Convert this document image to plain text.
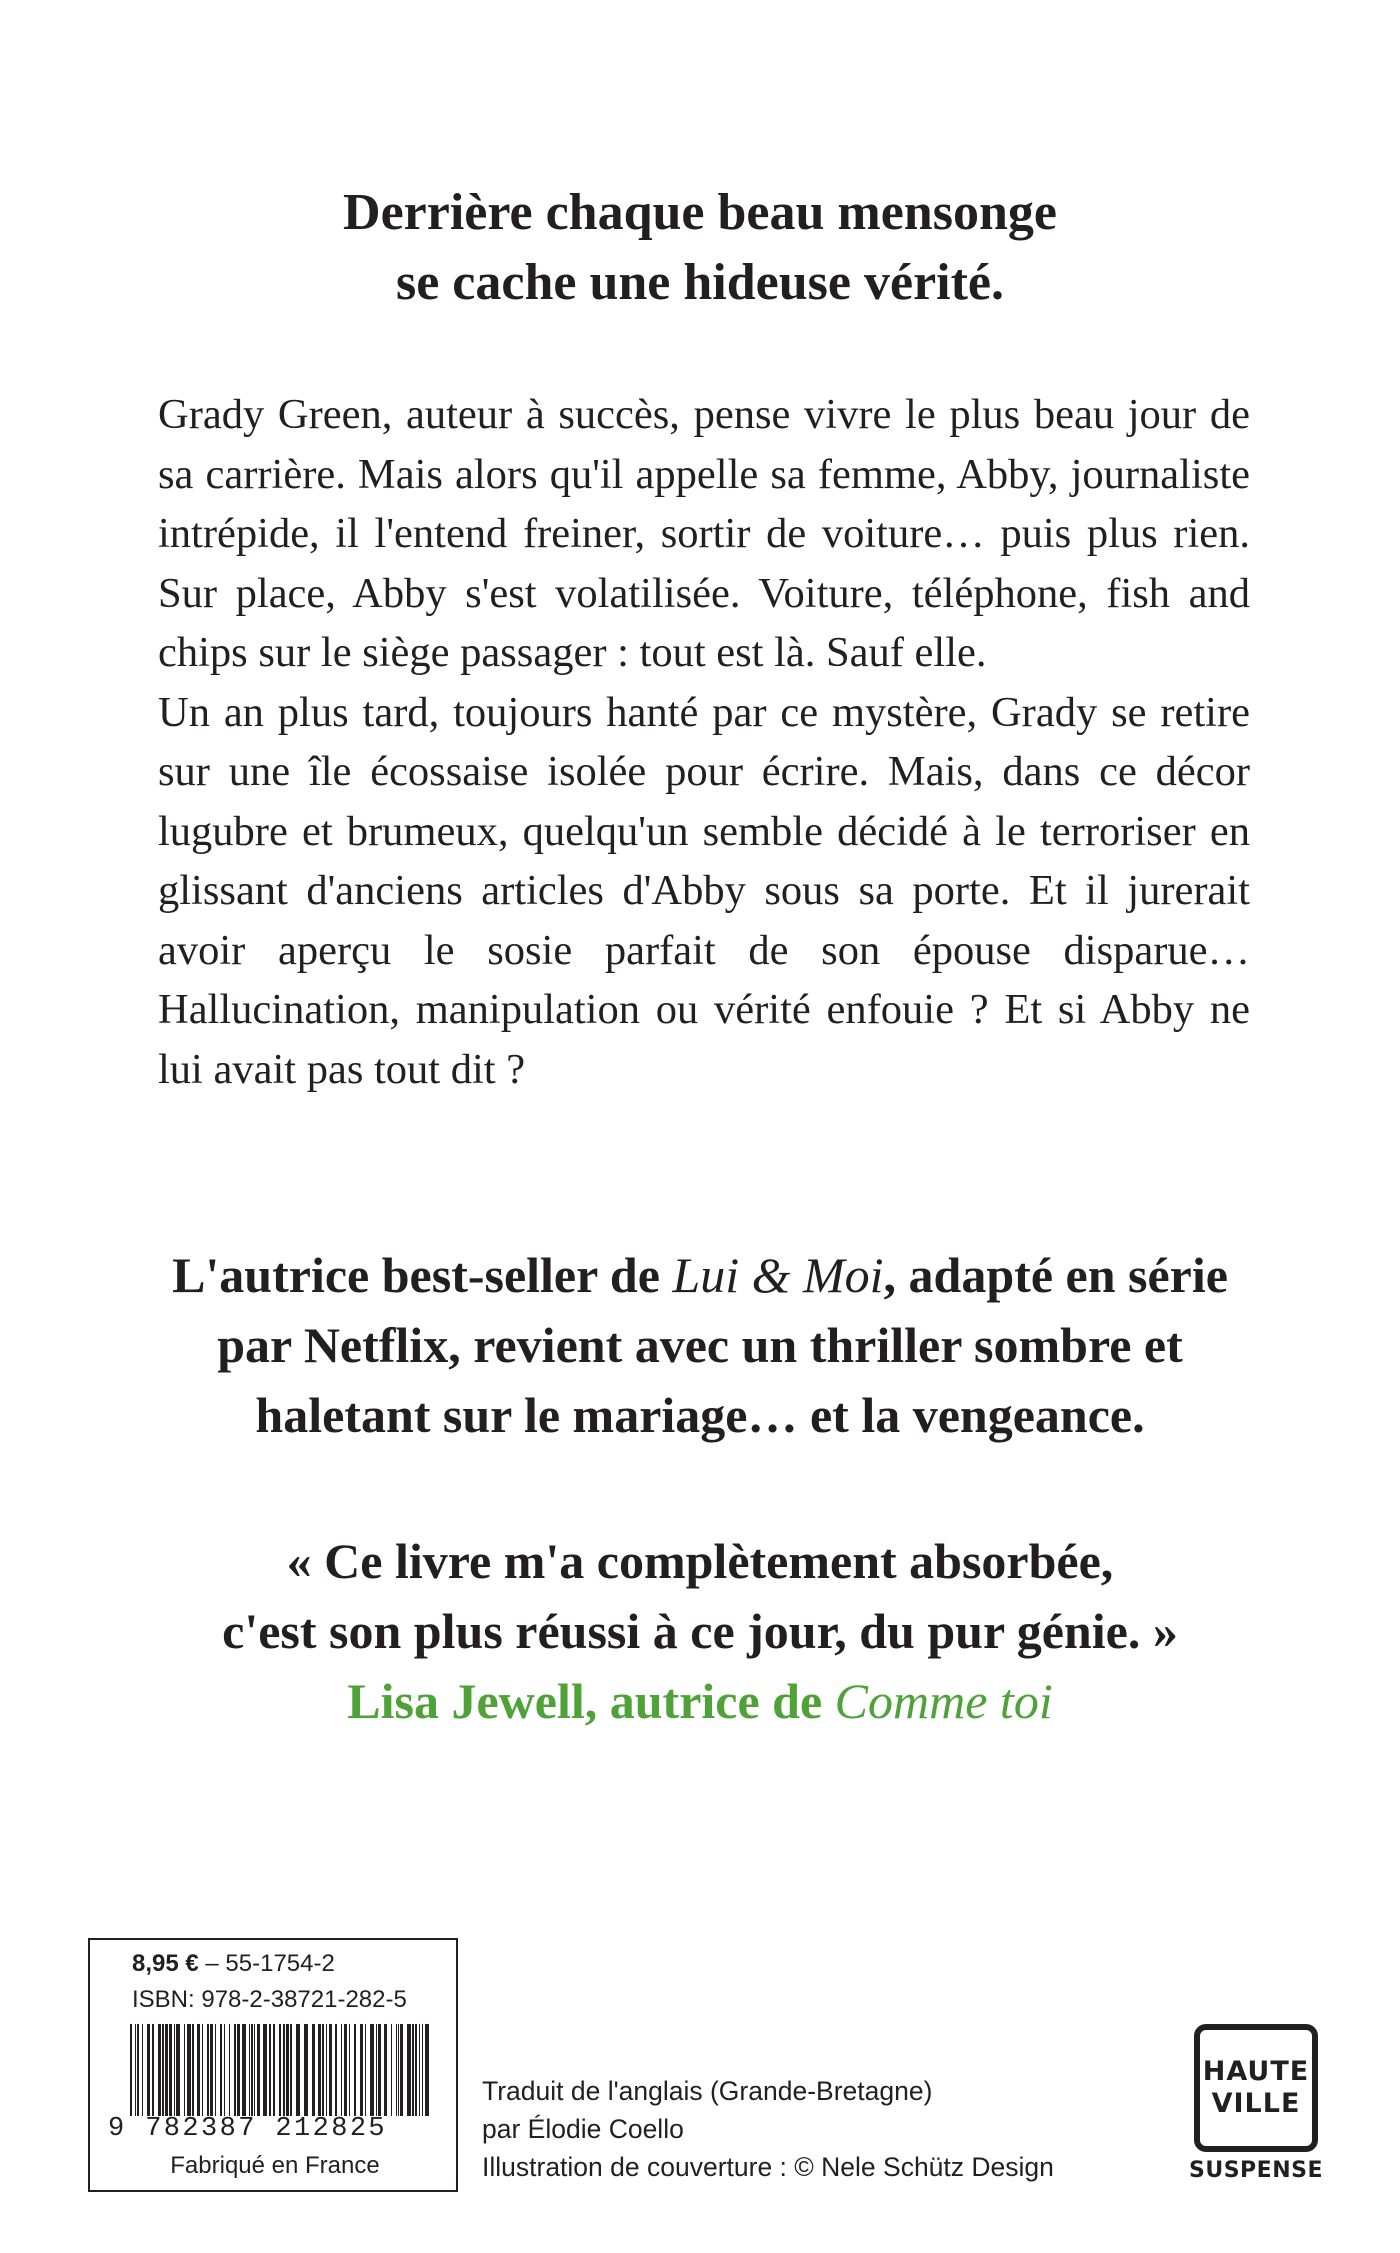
Derrière chaque beau mensonge
se cache une hideuse vérité.

Grady Green, auteur à succès, pense vivre le plus beau jour de sa carrière. Mais alors qu'il appelle sa femme, Abby, journaliste intrépide, il l'entend freiner, sortir de voiture… puis plus rien. Sur place, Abby s'est volatilisée. Voiture, téléphone, fish and chips sur le siège passager : tout est là. Sauf elle.

Un an plus tard, toujours hanté par ce mystère, Grady se retire sur une île écossaise isolée pour écrire. Mais, dans ce décor lugubre et brumeux, quelqu'un semble décidé à le terroriser en glissant d'anciens articles d'Abby sous sa porte. Et il jurerait avoir aperçu le sosie parfait de son épouse disparue… Hallucination, manipulation ou vérité enfouie ? Et si Abby ne lui avait pas tout dit ?

L'autrice best-seller de Lui & Moi, adapté en série
par Netflix, revient avec un thriller sombre et
haletant sur le mariage… et la vengeance.
« Ce livre m'a complètement absorbée,
c'est son plus réussi à ce jour, du pur génie. »
Lisa Jewell, autrice de Comme toi
8,95 € – 55-1754-2
ISBN: 978-2-38721-282-5
9 782387 212825
Fabriqué en France
Traduit de l'anglais (Grande-Bretagne)
par Élodie Coello
Illustration de couverture : © Nele Schütz Design
HAUTE
VILLE
SUSPENSE
